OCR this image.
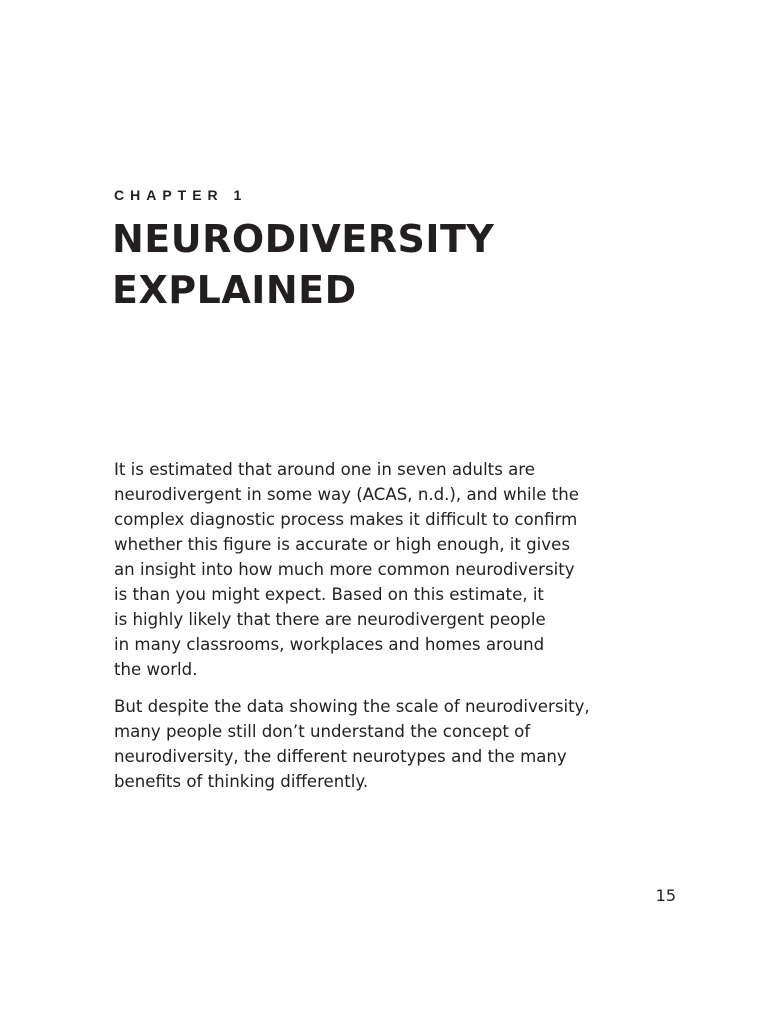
CHAPTER 1
NEURODIVERSITY
EXPLAINED

It is estimated that around one in seven adults are
neurodivergent in some way (ACAS, n.d.), and while the
complex diagnostic process makes it difficult to confirm
whether this figure is accurate or high enough, it gives
an insight into how much more common neurodiversity
is than you might expect. Based on this estimate, it
is highly likely that there are neurodivergent people
in many classrooms, workplaces and homes around
the world.

But despite the data showing the scale of neurodiversity,
many people still don’t understand the concept of
neurodiversity, the different neurotypes and the many
benefits of thinking differently.

15
